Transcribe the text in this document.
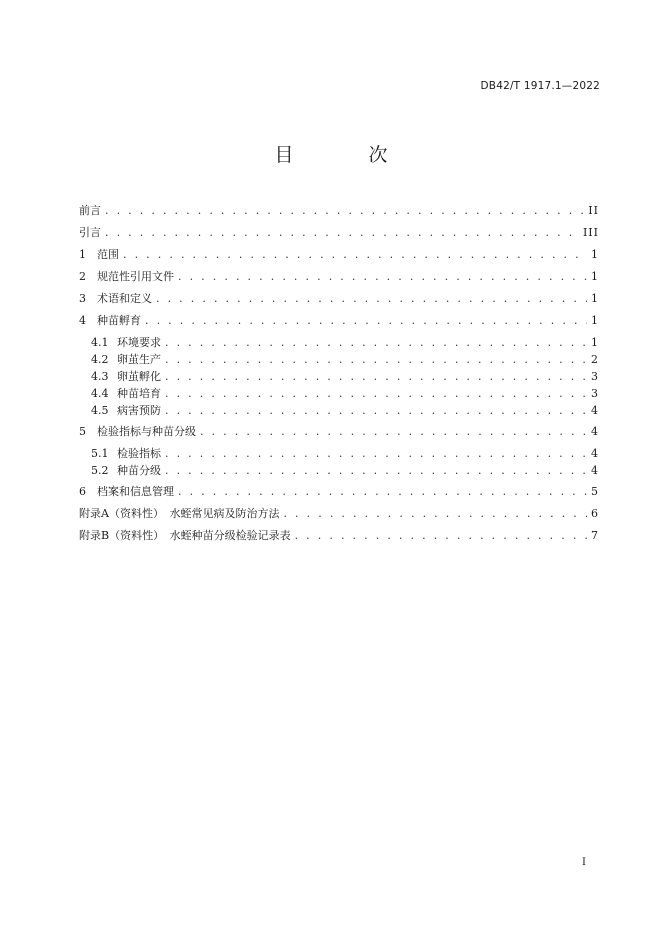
DB42/T 1917.1—2022
目　次
前言 . . .	II
引言 . . .	III
1	范围 . . .	1
2	规范性引用文件 . . .	1
3	术语和定义 . . .	1
4	种苗孵育 . . .	1
4.1 环境要求 . . .	1
4.2 卵茧生产 . . .	2
4.3 卵茧孵化 . . .	3
4.4 种苗培育 . . .	3
4.5 病害预防 . . .	4
5	检验指标与种苗分级 . . .	4
5.1 检验指标 . . .	4
5.2 种苗分级 . . .	4
6	档案和信息管理 . . .	5
附录A（资料性）　水蛭常见病及防治方法 . . .	6
附录B（资料性）　水蛭种苗分级检验记录表 . . .	7
I
